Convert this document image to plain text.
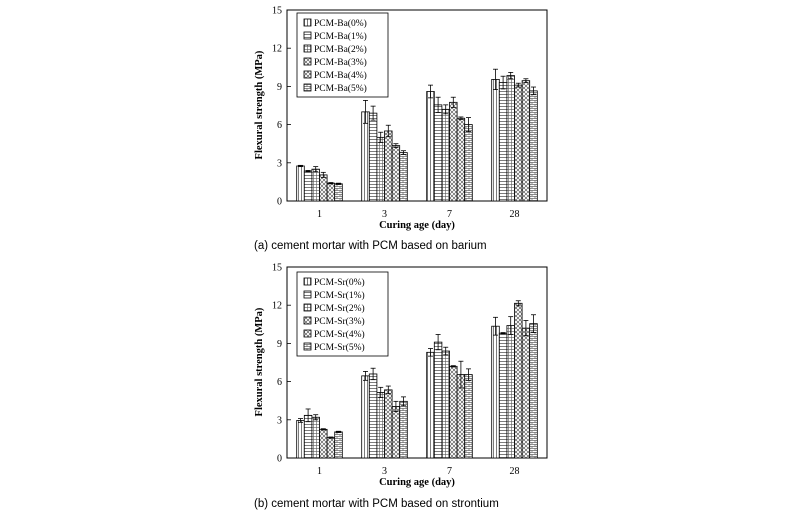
0
3
6
9
12
15
1	3	7	28
Flexural strength (MPa)
Curing age (day)
PCM-Ba(0%)
PCM-Ba(1%)
PCM-Ba(2%)
PCM-Ba(3%)
PCM-Ba(4%)
PCM-Ba(5%)
(a) cement mortar with PCM based on barium
0
3
6
9
12
15
1	3	7	28
Flexural strength (MPa)
Curing age (day)
PCM-Sr(0%)
PCM-Sr(1%)
PCM-Sr(2%)
PCM-Sr(3%)
PCM-Sr(4%)
PCM-Sr(5%)
(b) cement mortar with PCM based on strontium
